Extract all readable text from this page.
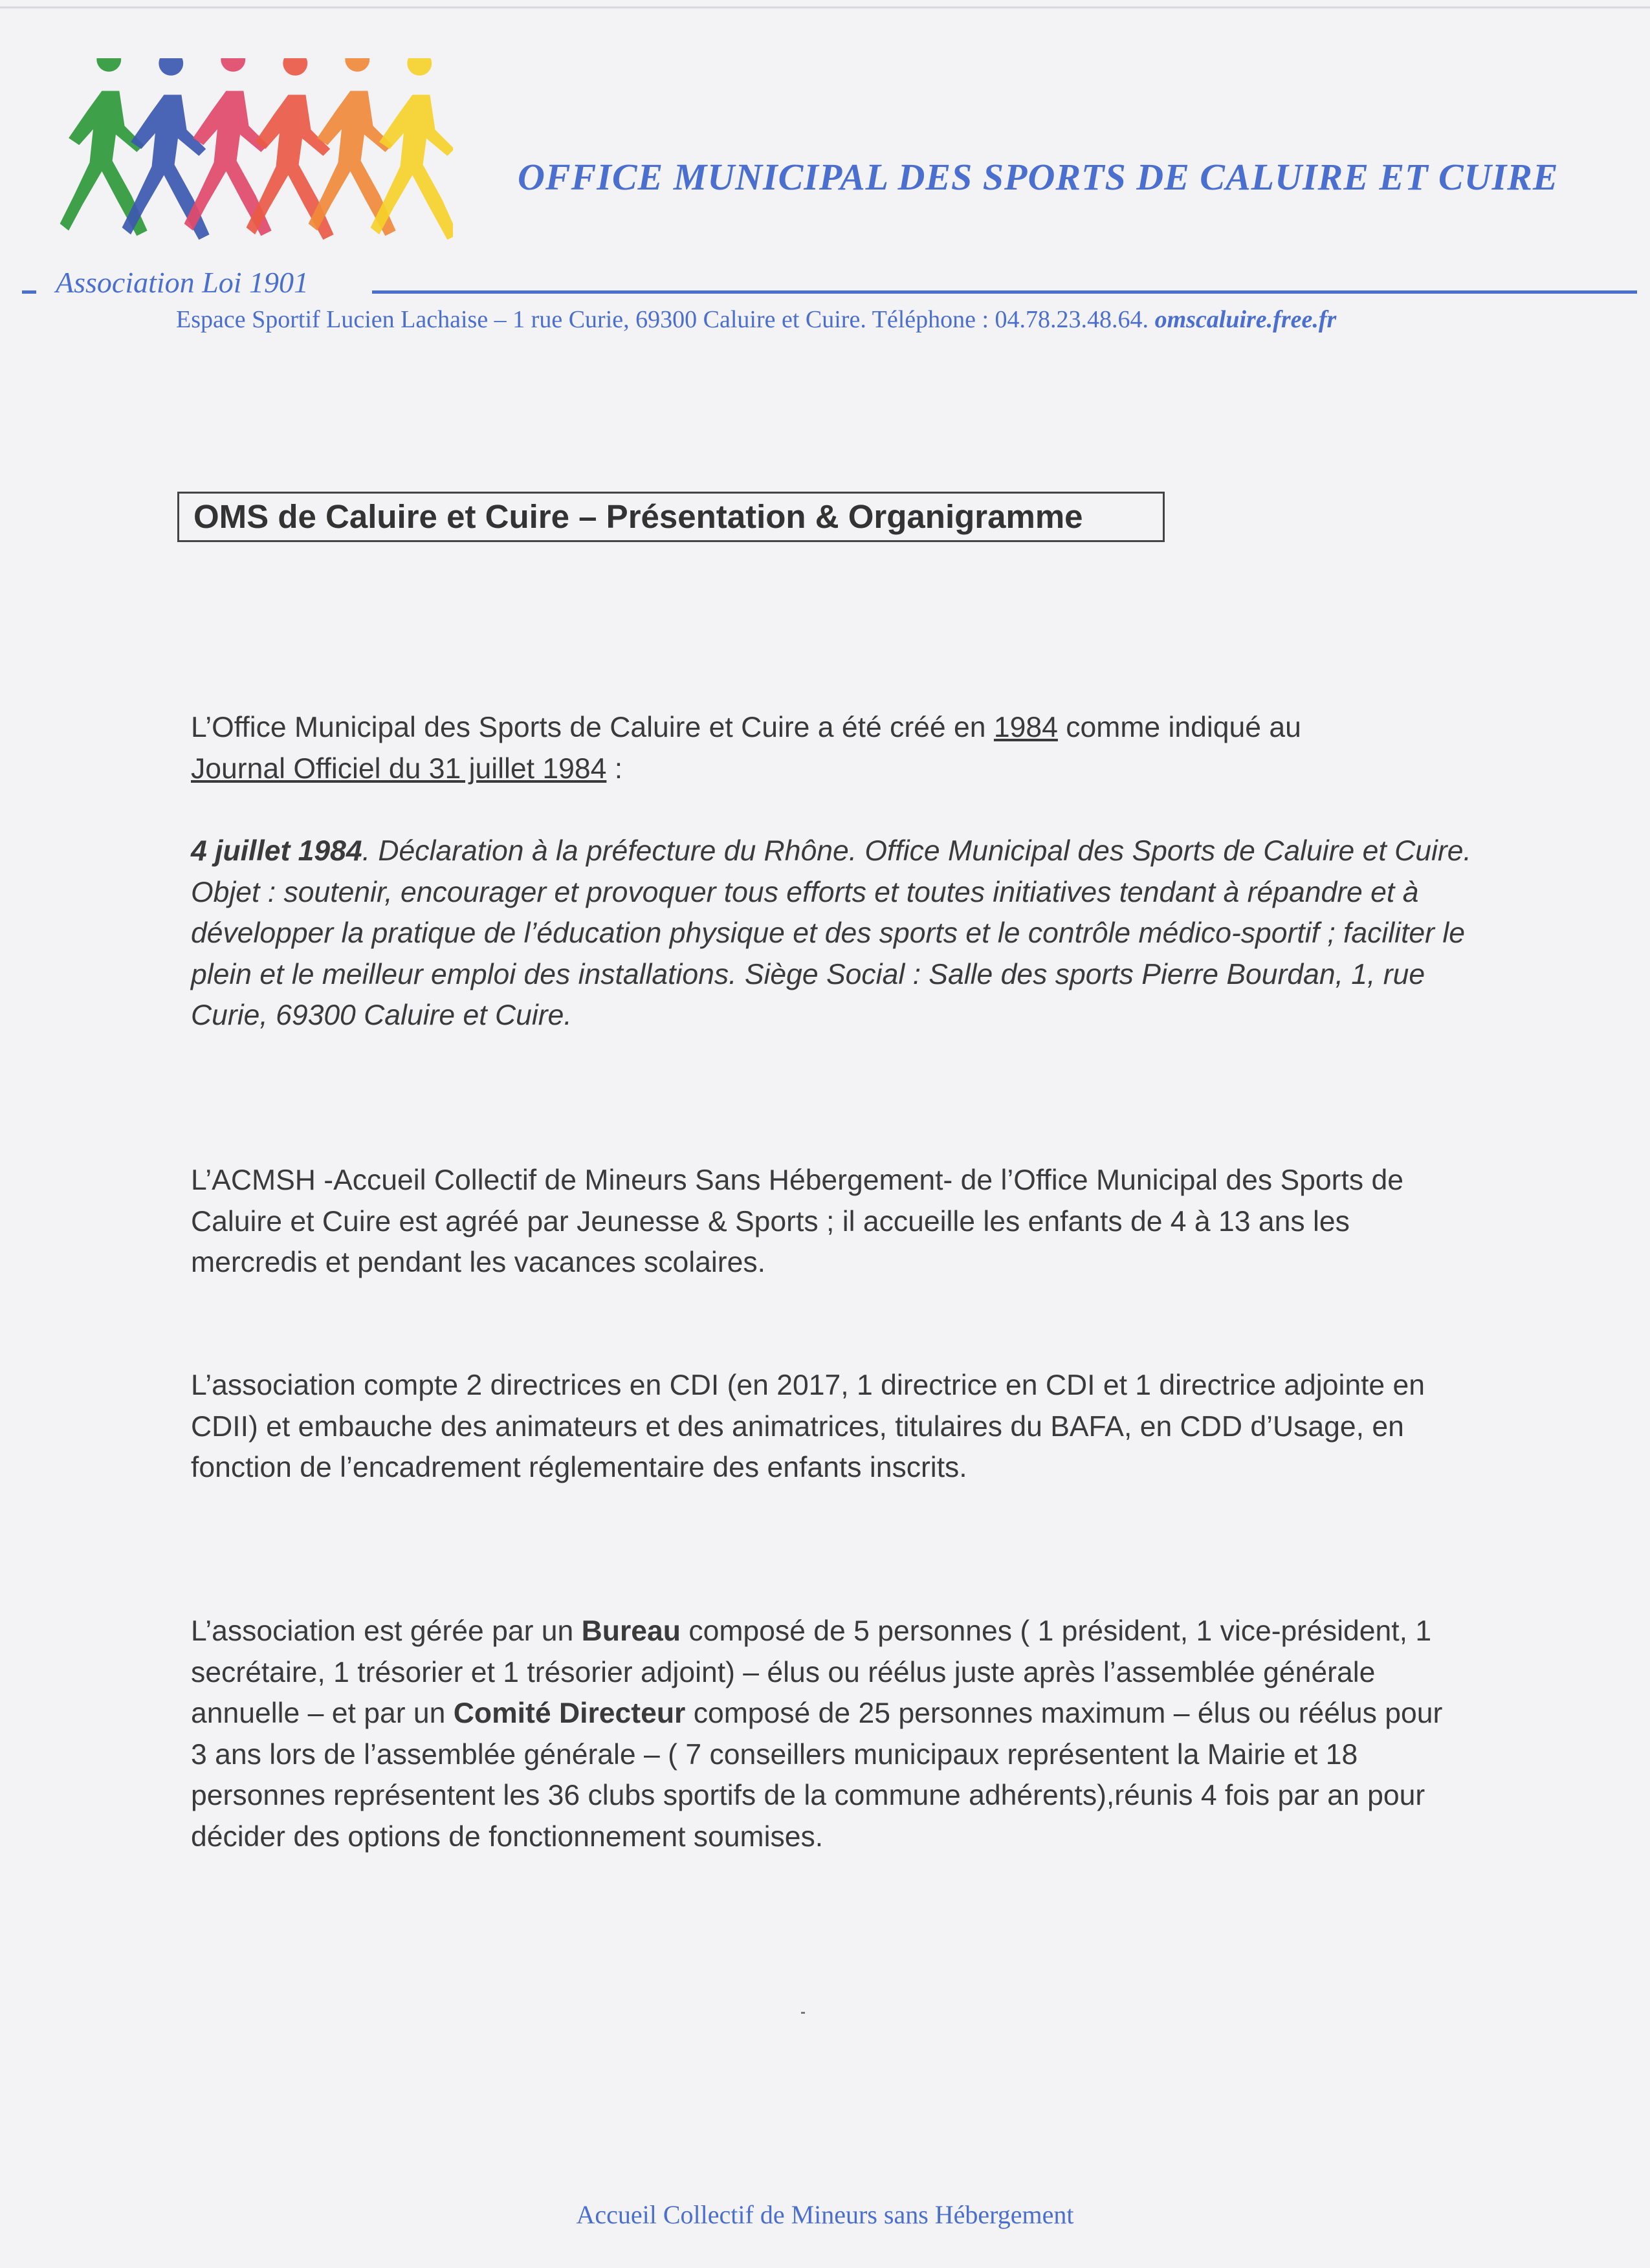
OFFICE MUNICIPAL DES SPORTS DE CALUIRE ET CUIRE
Association Loi 1901
Espace Sportif Lucien Lachaise – 1 rue Curie, 69300 Caluire et Cuire. Téléphone : 04.78.23.48.64. omscaluire.free.fr
OMS de Caluire et Cuire – Présentation & Organigramme

L’Office Municipal des Sports de Caluire et Cuire a été créé en 1984 comme indiqué au
Journal Officiel du 31 juillet 1984 :

4 juillet 1984. Déclaration à la préfecture du Rhône. Office Municipal des Sports de Caluire et Cuire. Objet : soutenir, encourager et provoquer tous efforts et toutes initiatives tendant à répandre et à développer la pratique de l’éducation physique et des sports et le contrôle médico-sportif ; faciliter le plein et le meilleur emploi des installations. Siège Social : Salle des sports Pierre Bourdan, 1, rue Curie, 69300 Caluire et Cuire.

L’ACMSH -Accueil Collectif de Mineurs Sans Hébergement- de l’Office Municipal des Sports de Caluire et Cuire est agréé par Jeunesse & Sports ; il accueille les enfants de 4 à 13 ans les mercredis et pendant les vacances scolaires.

L’association compte 2 directrices en CDI (en 2017, 1 directrice en CDI et 1 directrice adjointe en CDII) et embauche des animateurs et des animatrices, titulaires du BAFA, en CDD d’Usage, en fonction de l’encadrement réglementaire des enfants inscrits.

L’association est gérée par un Bureau composé de 5 personnes ( 1 président, 1 vice-président, 1 secrétaire, 1 trésorier et 1 trésorier adjoint) – élus ou réélus juste après l’assemblée générale annuelle – et par un Comité Directeur composé de 25 personnes maximum – élus ou réélus pour 3 ans lors de l’assemblée générale – ( 7 conseillers municipaux représentent la Mairie et 18 personnes représentent les 36 clubs sportifs de la commune adhérents),réunis 4 fois par an pour décider des options de fonctionnement soumises.

Accueil Collectif de Mineurs sans Hébergement
